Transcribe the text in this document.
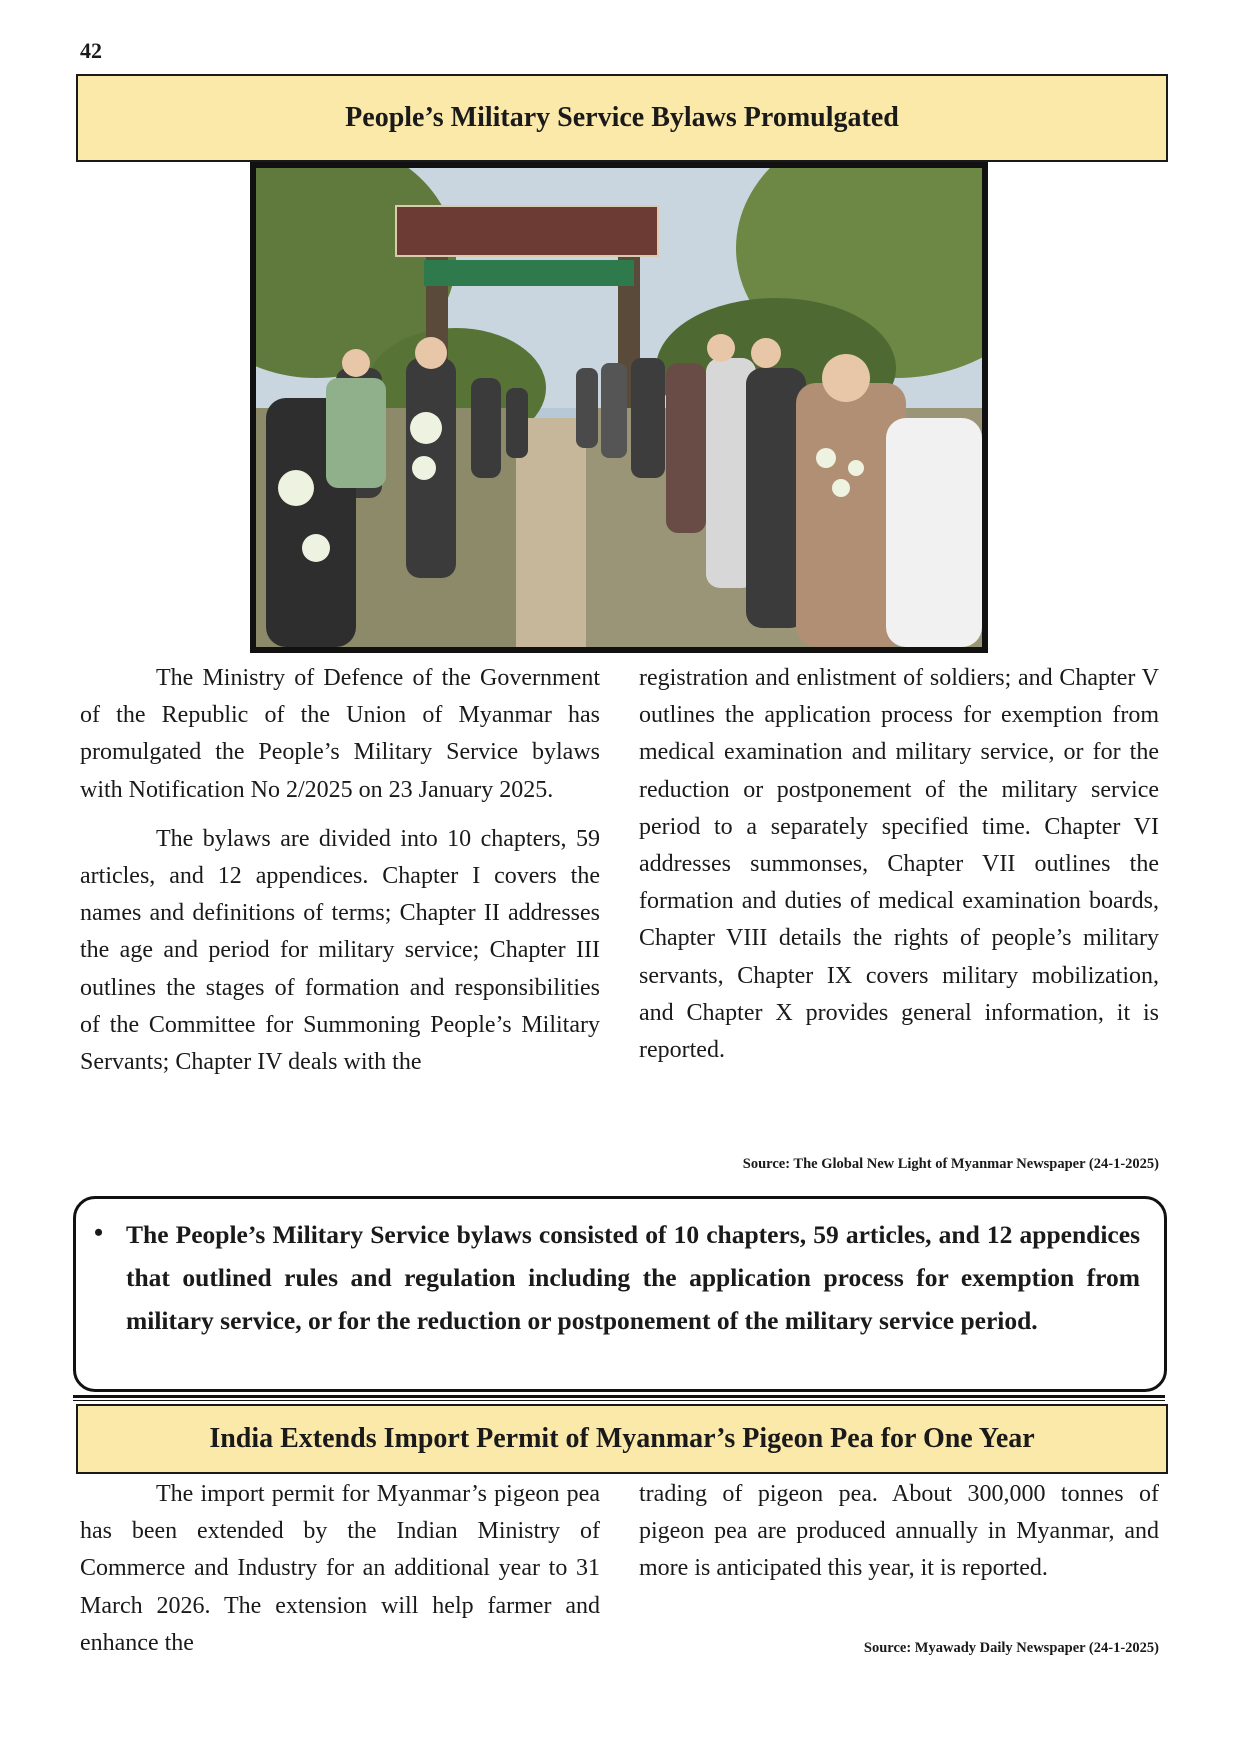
42
People’s Military Service Bylaws Promulgated

The Ministry of Defence of the Government of the Republic of the Union of Myanmar has promulgated the People’s Military Service bylaws with Notification No 2/2025 on 23 January 2025.

The bylaws are divided into 10 chapters, 59 articles, and 12 appendices. Chapter I covers the names and definitions of terms; Chapter II addresses the age and period for military service; Chapter III outlines the stages of formation and responsibilities of the Committee for Summoning People’s Military Servants; Chapter IV deals with the

registration and enlistment of soldiers; and Chapter V outlines the application process for exemption from medical examination and military service, or for the reduction or postponement of the military service period to a separately specified time. Chapter VI addresses summonses, Chapter VII outlines the formation and duties of medical examination boards, Chapter VIII details the rights of people’s military servants, Chapter IX covers military mobilization, and Chapter X provides general information, it is reported.

Source: The Global New Light of Myanmar Newspaper (24-1-2025)
• The People’s Military Service bylaws consisted of 10 chapters, 59 articles, and 12 appendices that outlined rules and regulation including the application process for exemption from military service, or for the reduction or postponement of the military service period.
India Extends Import Permit of Myanmar’s Pigeon Pea for One Year

The import permit for Myanmar’s pigeon pea has been extended by the Indian Ministry of Commerce and Industry for an additional year to 31 March 2026. The extension will help farmer and enhance the

trading of pigeon pea. About 300,000 tonnes of pigeon pea are produced annually in Myanmar, and more is anticipated this year, it is reported.

Source: Myawady Daily Newspaper (24-1-2025)
